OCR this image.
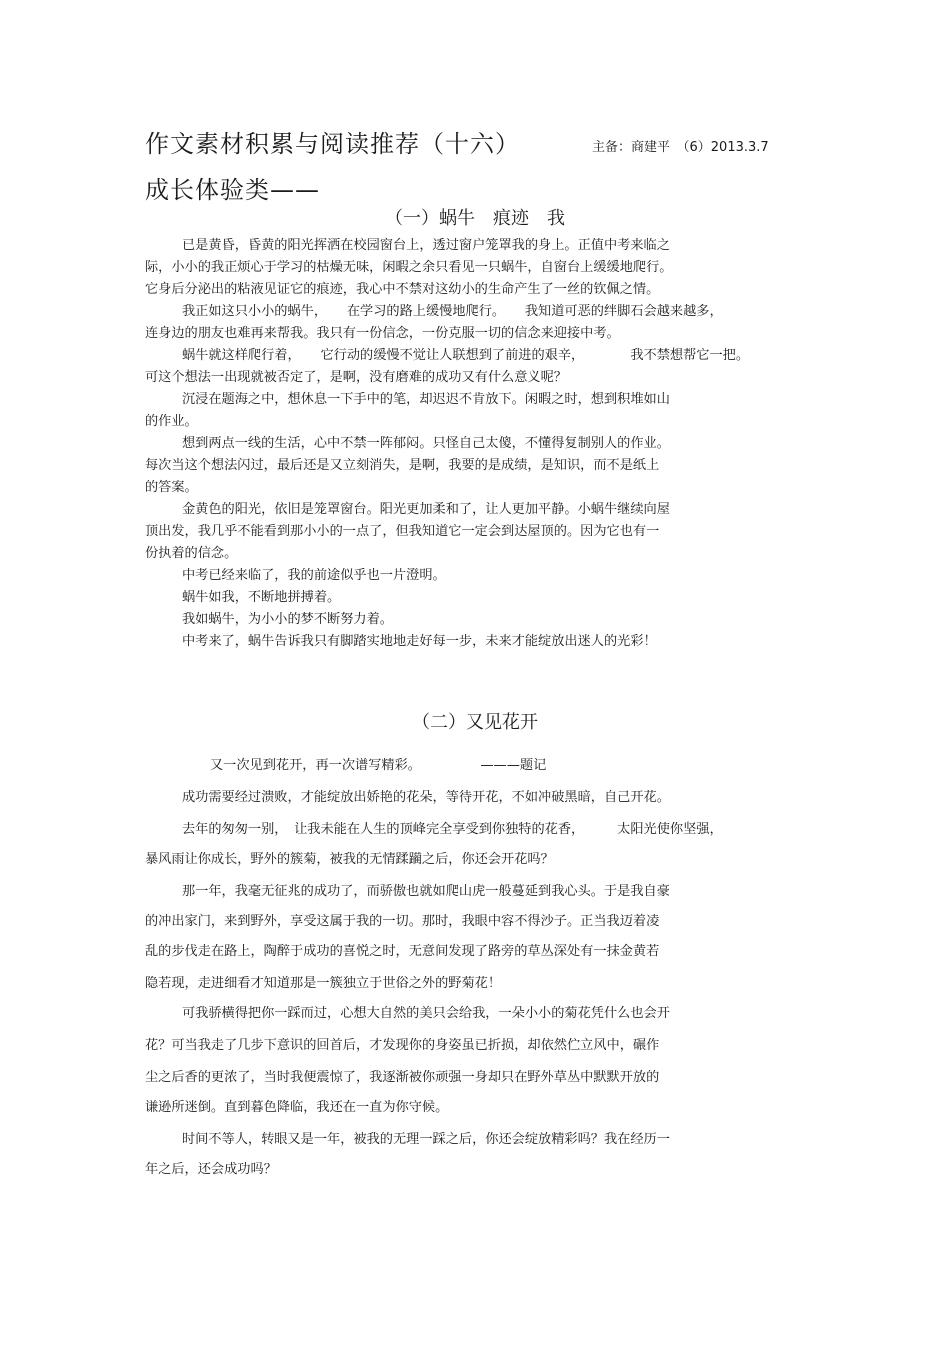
作文素材积累与阅读推荐（十六）	主备：商建平　（6）2013.3.7
成长体验类——
（一）蜗牛　痕迹　我
已是黄昏，昏黄的阳光挥洒在校园窗台上，透过窗户笼罩我的身上。正值中考来临之
际，小小的我正烦心于学习的枯燥无味，闲暇之余只看见一只蜗牛，自窗台上缓缓地爬行。
它身后分泌出的粘液见证它的痕迹，我心中不禁对这幼小的生命产生了一丝的钦佩之情。
我正如这只小小的蜗牛，　　在学习的路上缓慢地爬行。　　我知道可恶的绊脚石会越来越多，
连身边的朋友也难再来帮我。我只有一份信念，一份克服一切的信念来迎接中考。
蜗牛就这样爬行着，　　它行动的缓慢不觉让人联想到了前进的艰辛，　　　　我不禁想帮它一把。
可这个想法一出现就被否定了，是啊，没有磨难的成功又有什么意义呢？
沉浸在题海之中，想休息一下手中的笔，却迟迟不肯放下。闲暇之时，想到积堆如山
的作业。
想到两点一线的生活，心中不禁一阵郁闷。只怪自己太傻，不懂得复制别人的作业。
每次当这个想法闪过，最后还是又立刻消失，是啊，我要的是成绩，是知识，而不是纸上
的答案。
金黄色的阳光，依旧是笼罩窗台。阳光更加柔和了，让人更加平静。小蜗牛继续向屋
顶出发，我几乎不能看到那小小的一点了，但我知道它一定会到达屋顶的。因为它也有一
份执着的信念。
中考已经来临了，我的前途似乎也一片澄明。
蜗牛如我，不断地拼搏着。
我如蜗牛，为小小的梦不断努力着。
中考来了，蜗牛告诉我只有脚踏实地地走好每一步，未来才能绽放出迷人的光彩！
（二）又见花开
又一次见到花开，再一次谱写精彩。　　　　　———题记
成功需要经过溃败，才能绽放出娇艳的花朵，等待开花，不如冲破黑暗，自己开花。
去年的匆匆一别，　让我未能在人生的顶峰完全享受到你独特的花香，　　　太阳光使你坚强，
暴风雨让你成长，野外的簇菊，被我的无情蹂躏之后，你还会开花吗？
那一年，我毫无征兆的成功了，而骄傲也就如爬山虎一般蔓延到我心头。于是我自豪
的冲出家门，来到野外，享受这属于我的一切。那时，我眼中容不得沙子。正当我迈着凌
乱的步伐走在路上，陶醉于成功的喜悦之时，无意间发现了路旁的草丛深处有一抹金黄若
隐若现，走进细看才知道那是一簇独立于世俗之外的野菊花！
可我骄横得把你一踩而过，心想大自然的美只会给我，一朵小小的菊花凭什么也会开
花？可当我走了几步下意识的回首后，才发现你的身姿虽已折损，却依然伫立风中，碾作
尘之后香的更浓了，当时我便震惊了，我逐渐被你顽强一身却只在野外草丛中默默开放的
谦逊所迷倒。直到暮色降临，我还在一直为你守候。
时间不等人，转眼又是一年，被我的无理一踩之后，你还会绽放精彩吗？我在经历一
年之后，还会成功吗？
